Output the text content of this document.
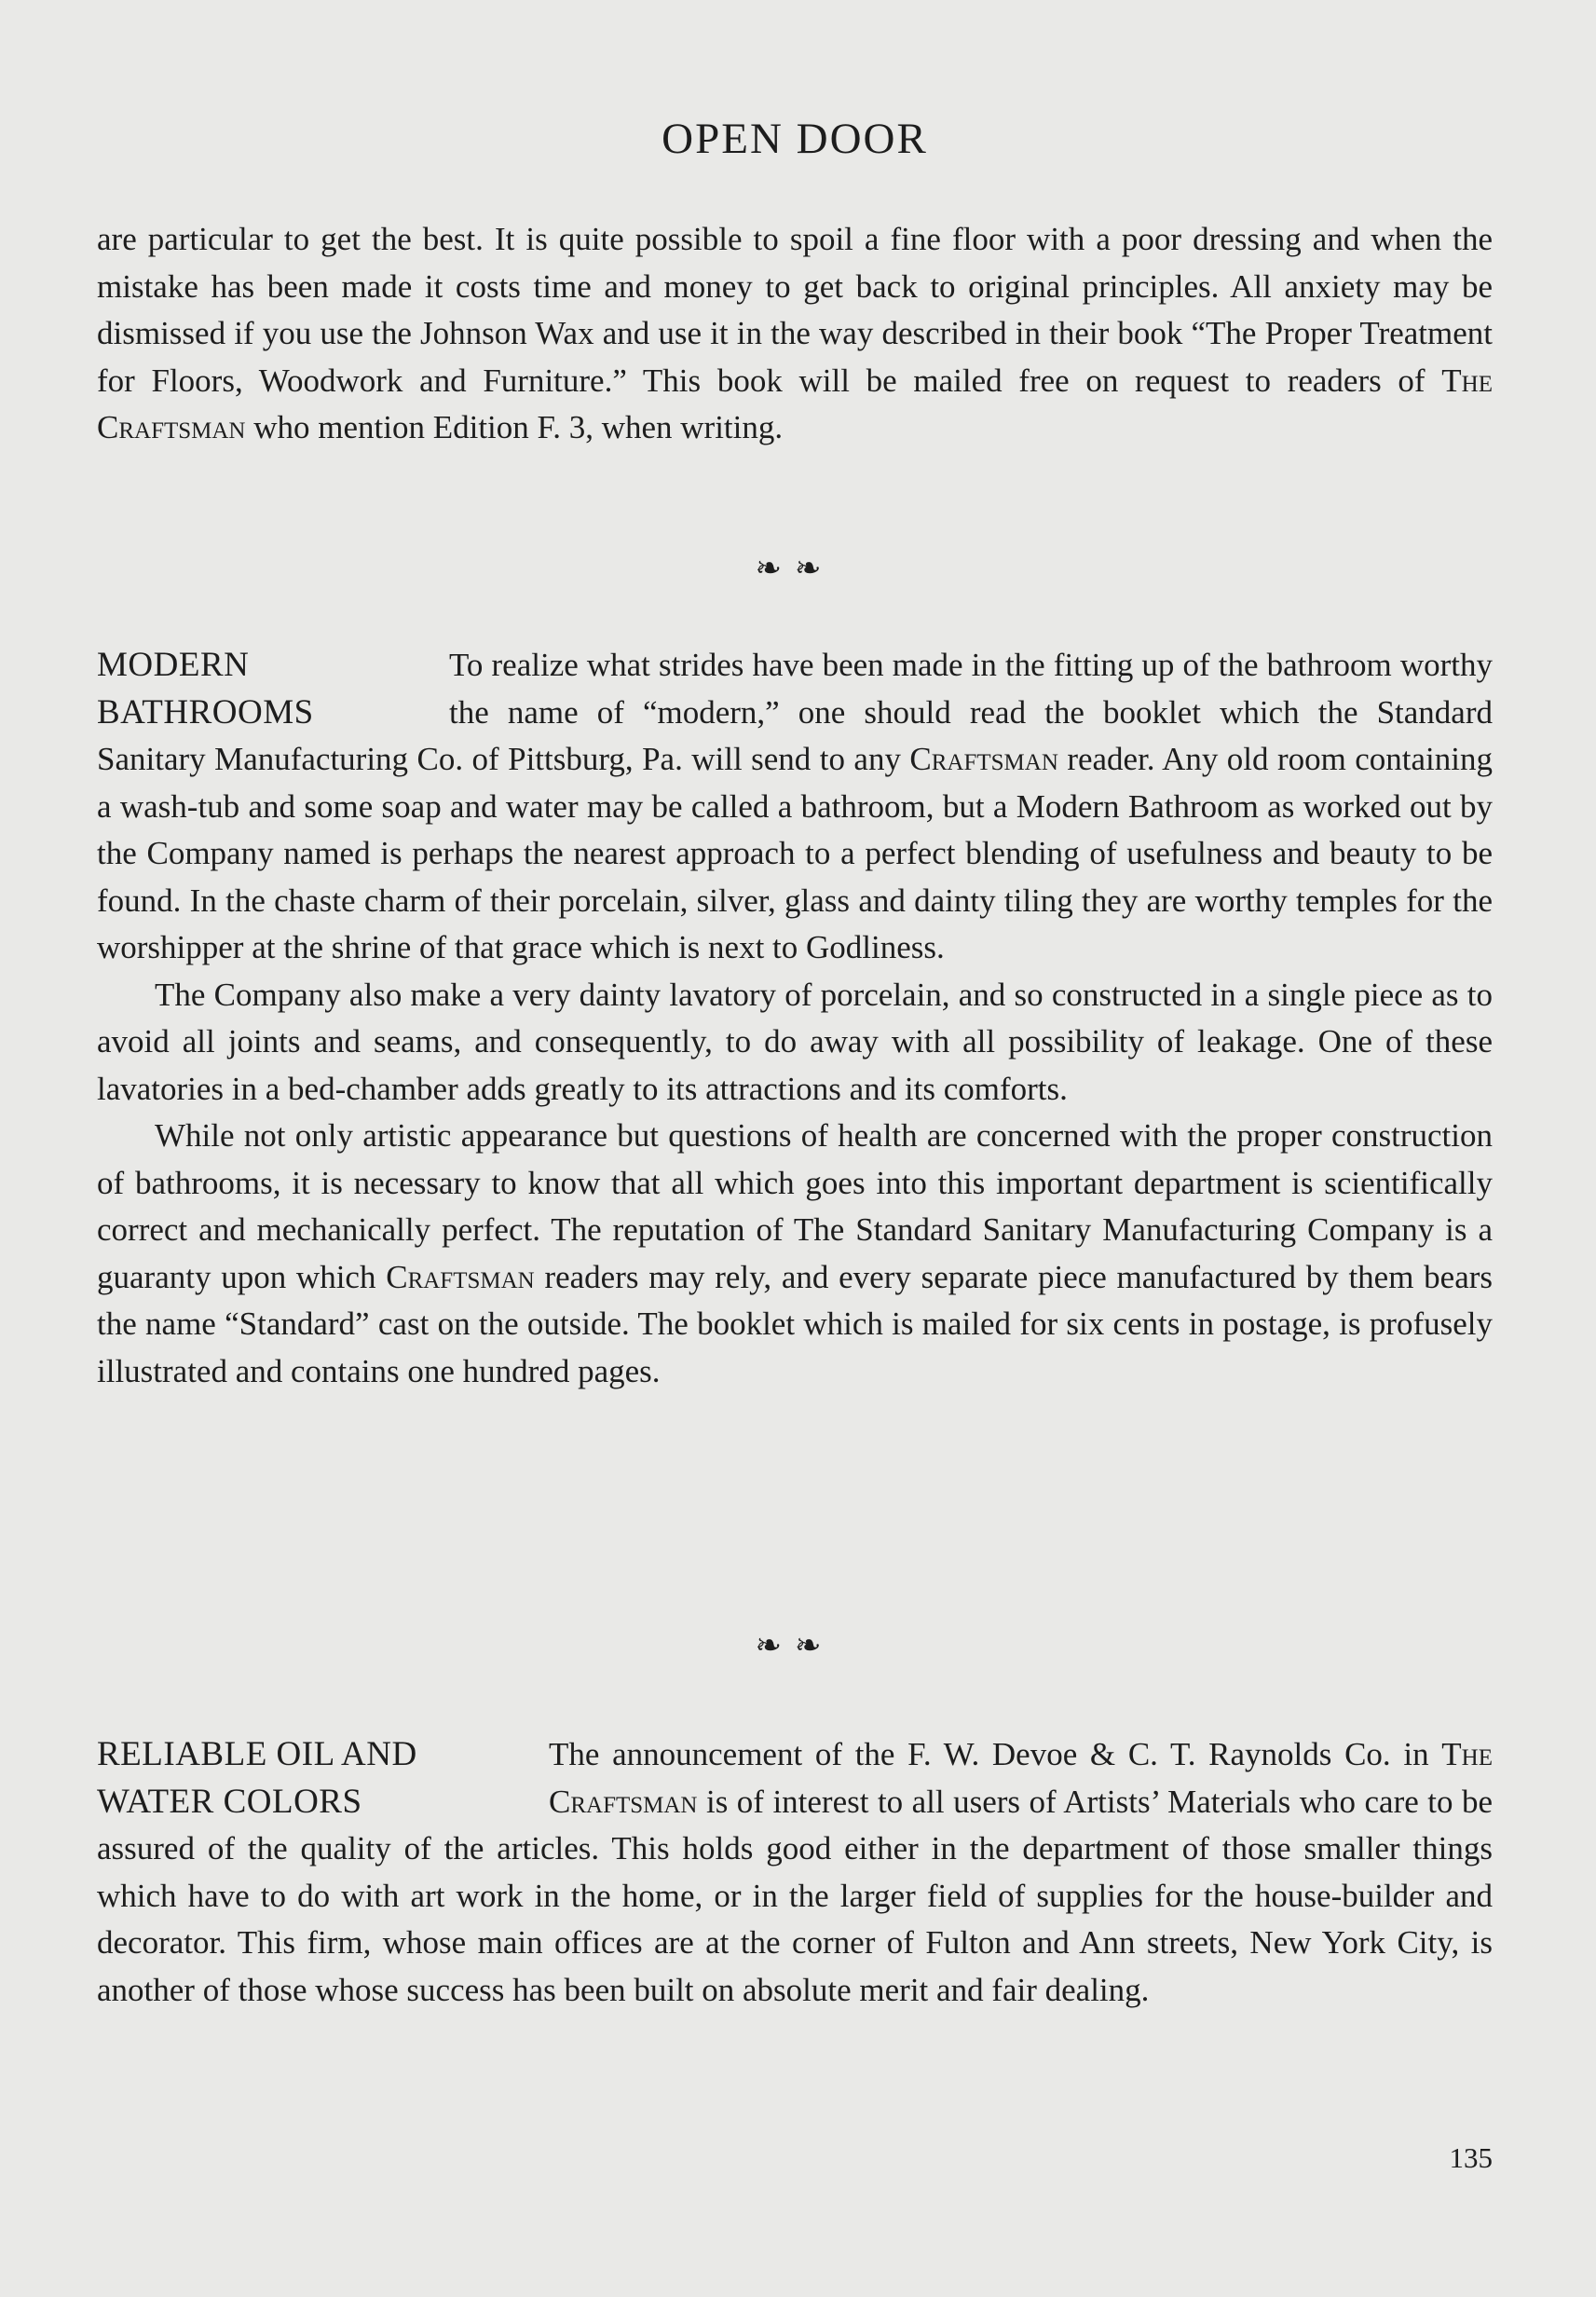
OPEN DOOR

are particular to get the best. It is quite possible to spoil a fine floor with a poor dressing and when the mistake has been made it costs time and money to get back to original principles. All anxiety may be dismissed if you use the Johnson Wax and use it in the way described in their book “The Proper Treatment for Floors, Woodwork and Furniture.” This book will be mailed free on request to readers of The Craftsman who mention Edition F. 3, when writing.

❧❧
MODERN
BATHROOMS

To realize what strides have been made in the fitting up of the bathroom worthy the name of “modern,” one should read the booklet which the Standard Sanitary Manufacturing Co. of Pittsburg, Pa. will send to any Craftsman reader. Any old room containing a wash-tub and some soap and water may be called a bathroom, but a Modern Bathroom as worked out by the Company named is perhaps the nearest approach to a perfect blending of usefulness and beauty to be found. In the chaste charm of their porcelain, silver, glass and dainty tiling they are worthy temples for the worshipper at the shrine of that grace which is next to Godliness.

The Company also make a very dainty lavatory of porcelain, and so constructed in a single piece as to avoid all joints and seams, and consequently, to do away with all possibility of leakage. One of these lavatories in a bed-chamber adds greatly to its attractions and its comforts.

While not only artistic appearance but questions of health are concerned with the proper construction of bathrooms, it is necessary to know that all which goes into this important department is scientifically correct and mechanically perfect. The reputation of The Standard Sanitary Manufacturing Company is a guaranty upon which Craftsman readers may rely, and every separate piece manufactured by them bears the name “Standard” cast on the outside. The booklet which is mailed for six cents in postage, is profusely illustrated and contains one hundred pages.

❧❧
RELIABLE OIL AND
WATER COLORS

The announcement of the F. W. Devoe & C. T. Raynolds Co. in The Craftsman is of interest to all users of Artists’ Materials who care to be assured of the quality of the articles. This holds good either in the department of those smaller things which have to do with art work in the home, or in the larger field of supplies for the house-builder and decorator. This firm, whose main offices are at the corner of Fulton and Ann streets, New York City, is another of those whose success has been built on absolute merit and fair dealing.

135
